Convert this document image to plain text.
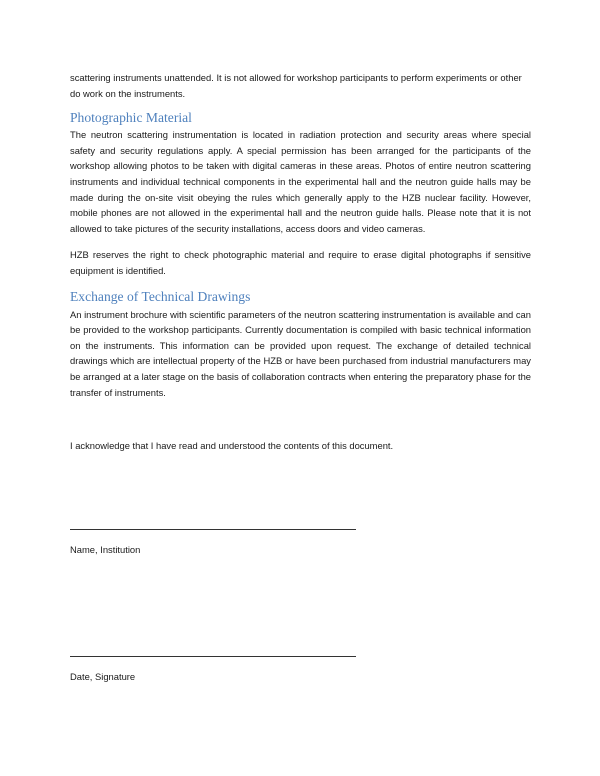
scattering instruments unattended. It is not allowed for workshop participants to perform experiments or other do work on the instruments.

Photographic Material

The neutron scattering instrumentation is located in radiation protection and security areas where special safety and security regulations apply. A special permission has been arranged for the participants of the workshop allowing photos to be taken with digital cameras in these areas. Photos of entire neutron scattering instruments and individual technical components in the experimental hall and the neutron guide halls may be made during the on-site visit obeying the rules which generally apply to the HZB nuclear facility. However, mobile phones are not allowed in the experimental hall and the neutron guide halls. Please note that it is not allowed to take pictures of the security installations, access doors and video cameras.

HZB reserves the right to check photographic material and require to erase digital photographs if sensitive equipment is identified.

Exchange of Technical Drawings

An instrument brochure with scientific parameters of the neutron scattering instrumentation is available and can be provided to the workshop participants. Currently documentation is compiled with basic technical information on the instruments. This information can be provided upon request. The exchange of detailed technical drawings which are intellectual property of the HZB or have been purchased from industrial manufacturers may be arranged at a later stage on the basis of collaboration contracts when entering the preparatory phase for the transfer of instruments.

I acknowledge that I have read and understood the contents of this document.

Name, Institution
Date, Signature
